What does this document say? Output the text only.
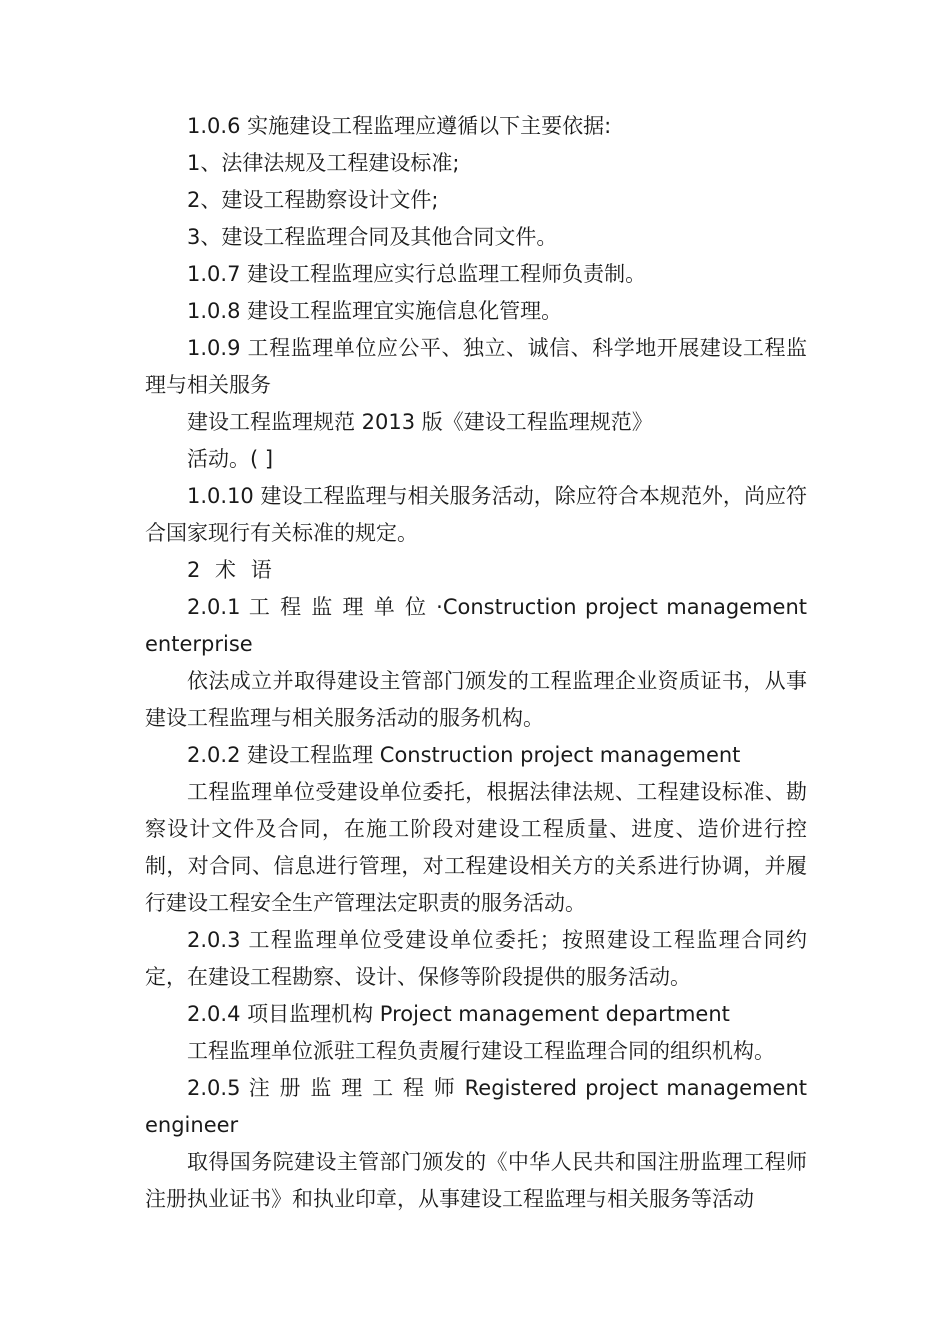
1.0.6 实施建设工程监理应遵循以下主要依据:

1、法律法规及工程建设标准;

2、建设工程勘察设计文件;

3、建设工程监理合同及其他合同文件。

1.0.7 建设工程监理应实行总监理工程师负责制。

1.0.8 建设工程监理宜实施信息化管理。

1.0.9 工程监理单位应公平、独立、诚信、科学地开展建设工程监理与相关服务

建设工程监理规范 2013 版《建设工程监理规范》

活动。( ]

1.0.10 建设工程监理与相关服务活动，除应符合本规范外，尚应符合国家现行有关标准的规定。

2 术 语

2.0.1 工 程 监 理 单 位 ·Construction project management enterprise

依法成立并取得建设主管部门颁发的工程监理企业资质证书，从事建设工程监理与相关服务活动的服务机构。

2.0.2 建设工程监理 Construction project management

工程监理单位受建设单位委托，根据法律法规、工程建设标准、勘察设计文件及合同，在施工阶段对建设工程质量、进度、造价进行控制，对合同、信息进行管理，对工程建设相关方的关系进行协调，并履行建设工程安全生产管理法定职责的服务活动。

2.0.3 工程监理单位受建设单位委托；按照建设工程监理合同约定，在建设工程勘察、设计、保修等阶段提供的服务活动。

2.0.4 项目监理机构 Project management department

工程监理单位派驻工程负责履行建设工程监理合同的组织机构。

2.0.5 注 册 监 理 工 程 师 Registered project management engineer

取得国务院建设主管部门颁发的《中华人民共和国注册监理工程师注册执业证书》和执业印章，从事建设工程监理与相关服务等活动
